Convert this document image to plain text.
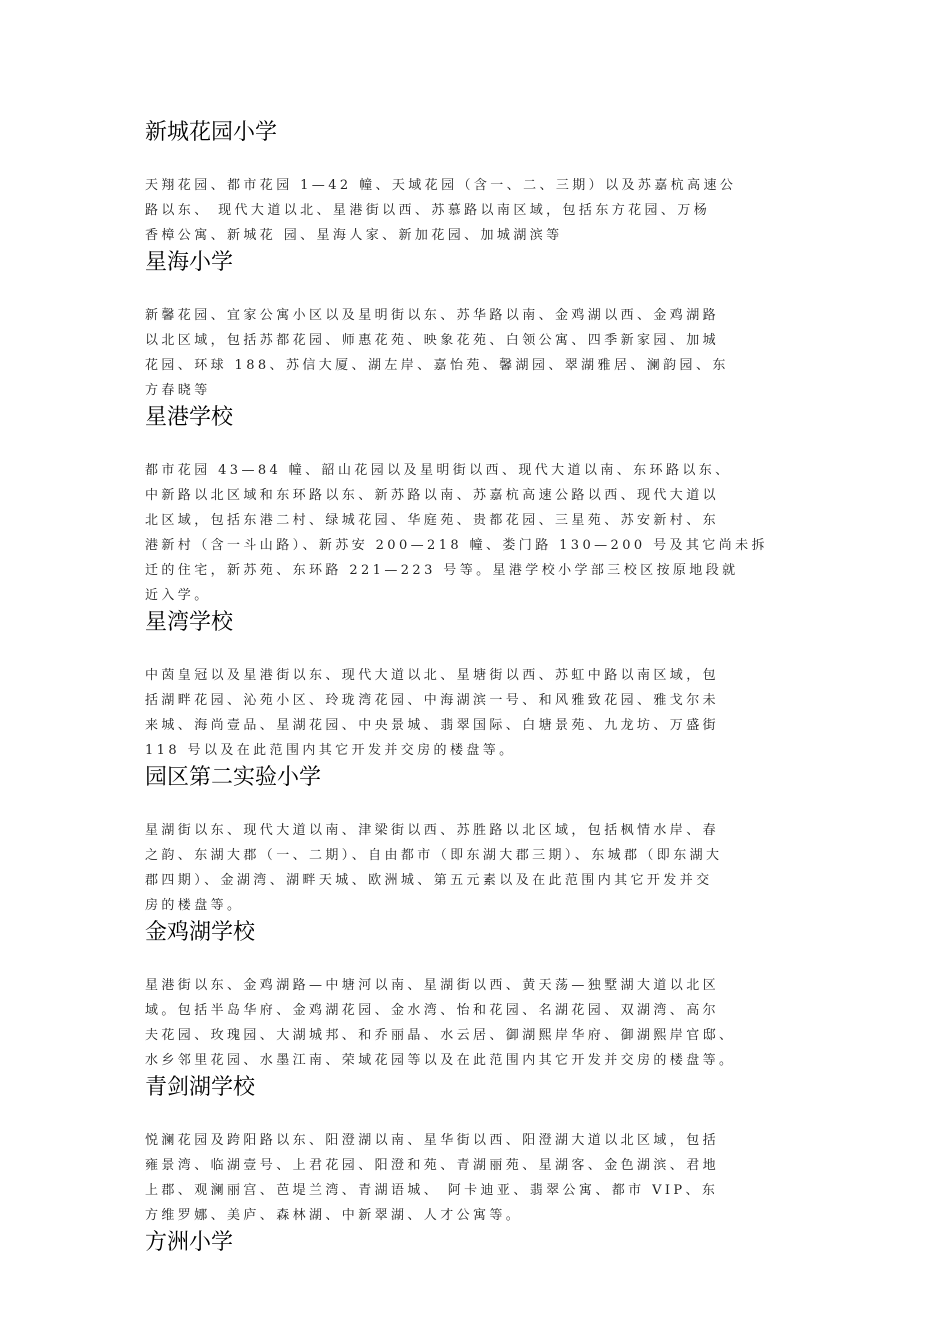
新城花园小学

天翔花园、都市花园 1—42 幢、天域花园（含一、二、三期）以及苏嘉杭高速公
路以东、 现代大道以北、星港街以西、苏慕路以南区域，包括东方花园、万杨
香樟公寓、新城花 园、星海人家、新加花园、加城湖滨等

星海小学

新馨花园、宜家公寓小区以及星明街以东、苏华路以南、金鸡湖以西、金鸡湖路
以北区域，包括苏都花园、师惠花苑、映象花苑、白领公寓、四季新家园、加城
花园、环球 188、苏信大厦、湖左岸、嘉怡苑、馨湖园、翠湖雅居、澜韵园、东
方春晓等

星港学校

都市花园 43—84 幢、韶山花园以及星明街以西、现代大道以南、东环路以东、
中新路以北区域和东环路以东、新苏路以南、苏嘉杭高速公路以西、现代大道以
北区域，包括东港二村、绿城花园、华庭苑、贵都花园、三星苑、苏安新村、东
港新村（含一斗山路）、新苏安 200—218 幢、娄门路 130—200 号及其它尚未拆
迁的住宅，新苏苑、东环路 221—223 号等。星港学校小学部三校区按原地段就
近入学。

星湾学校

中茵皇冠以及星港街以东、现代大道以北、星塘街以西、苏虹中路以南区域，包
括湖畔花园、沁苑小区、玲珑湾花园、中海湖滨一号、和风雅致花园、雅戈尔未
来城、海尚壹品、星湖花园、中央景城、翡翠国际、白塘景苑、九龙坊、万盛街
118 号以及在此范围内其它开发并交房的楼盘等。

园区第二实验小学

星湖街以东、现代大道以南、津梁街以西、苏胜路以北区域，包括枫情水岸、春
之韵、东湖大郡（一、二期）、自由都市（即东湖大郡三期）、东城郡（即东湖大
郡四期）、金湖湾、湖畔天城、欧洲城、第五元素以及在此范围内其它开发并交
房的楼盘等。

金鸡湖学校

星港街以东、金鸡湖路—中塘河以南、星湖街以西、黄天荡—独墅湖大道以北区
域。包括半岛华府、金鸡湖花园、金水湾、怡和花园、名湖花园、双湖湾、高尔
夫花园、玫瑰园、大湖城邦、和乔丽晶、水云居、御湖熙岸华府、御湖熙岸官邸、
水乡邻里花园、水墨江南、荣域花园等以及在此范围内其它开发并交房的楼盘等。

青剑湖学校

悦澜花园及跨阳路以东、阳澄湖以南、星华街以西、阳澄湖大道以北区域，包括
雍景湾、临湖壹号、上君花园、阳澄和苑、青湖丽苑、星湖客、金色湖滨、君地
上郡、观澜丽宫、芭堤兰湾、青湖语城、 阿卡迪亚、翡翠公寓、都市 VIP、东
方维罗娜、美庐、森林湖、中新翠湖、人才公寓等。

方洲小学
